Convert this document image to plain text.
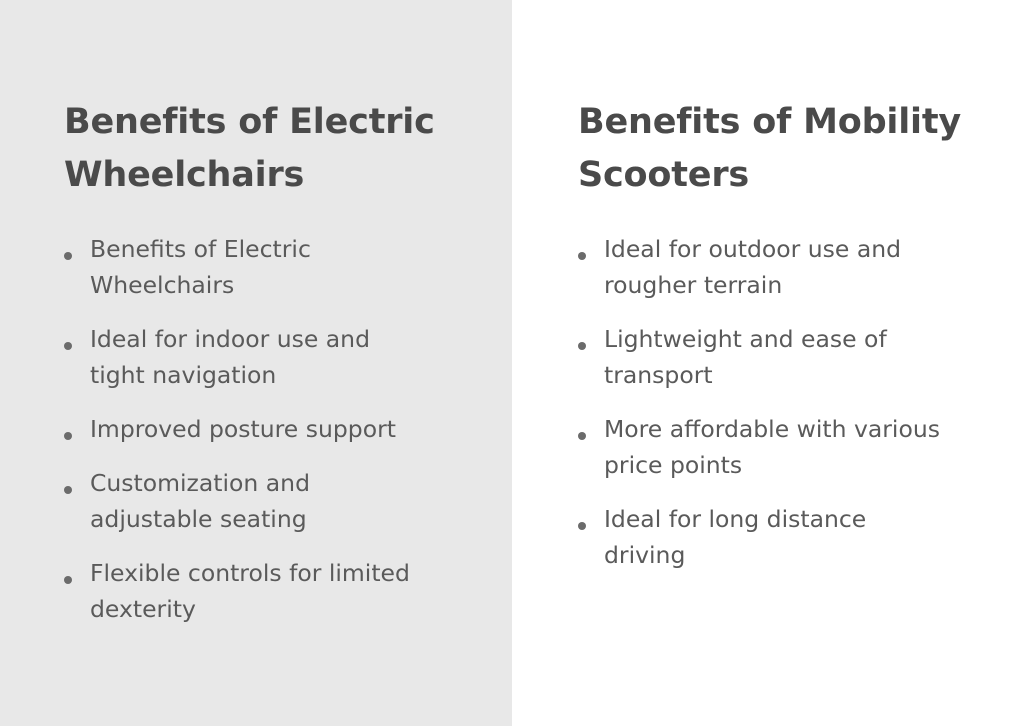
Benefits of Electric Wheelchairs
Benefits of Electric Wheelchairs
Ideal for indoor use and tight navigation
Improved posture support
Customization and adjustable seating
Flexible controls for limited dexterity
Benefits of Mobility Scooters
Ideal for outdoor use and rougher terrain
Lightweight and ease of transport
More affordable with various price points
Ideal for long distance driving
